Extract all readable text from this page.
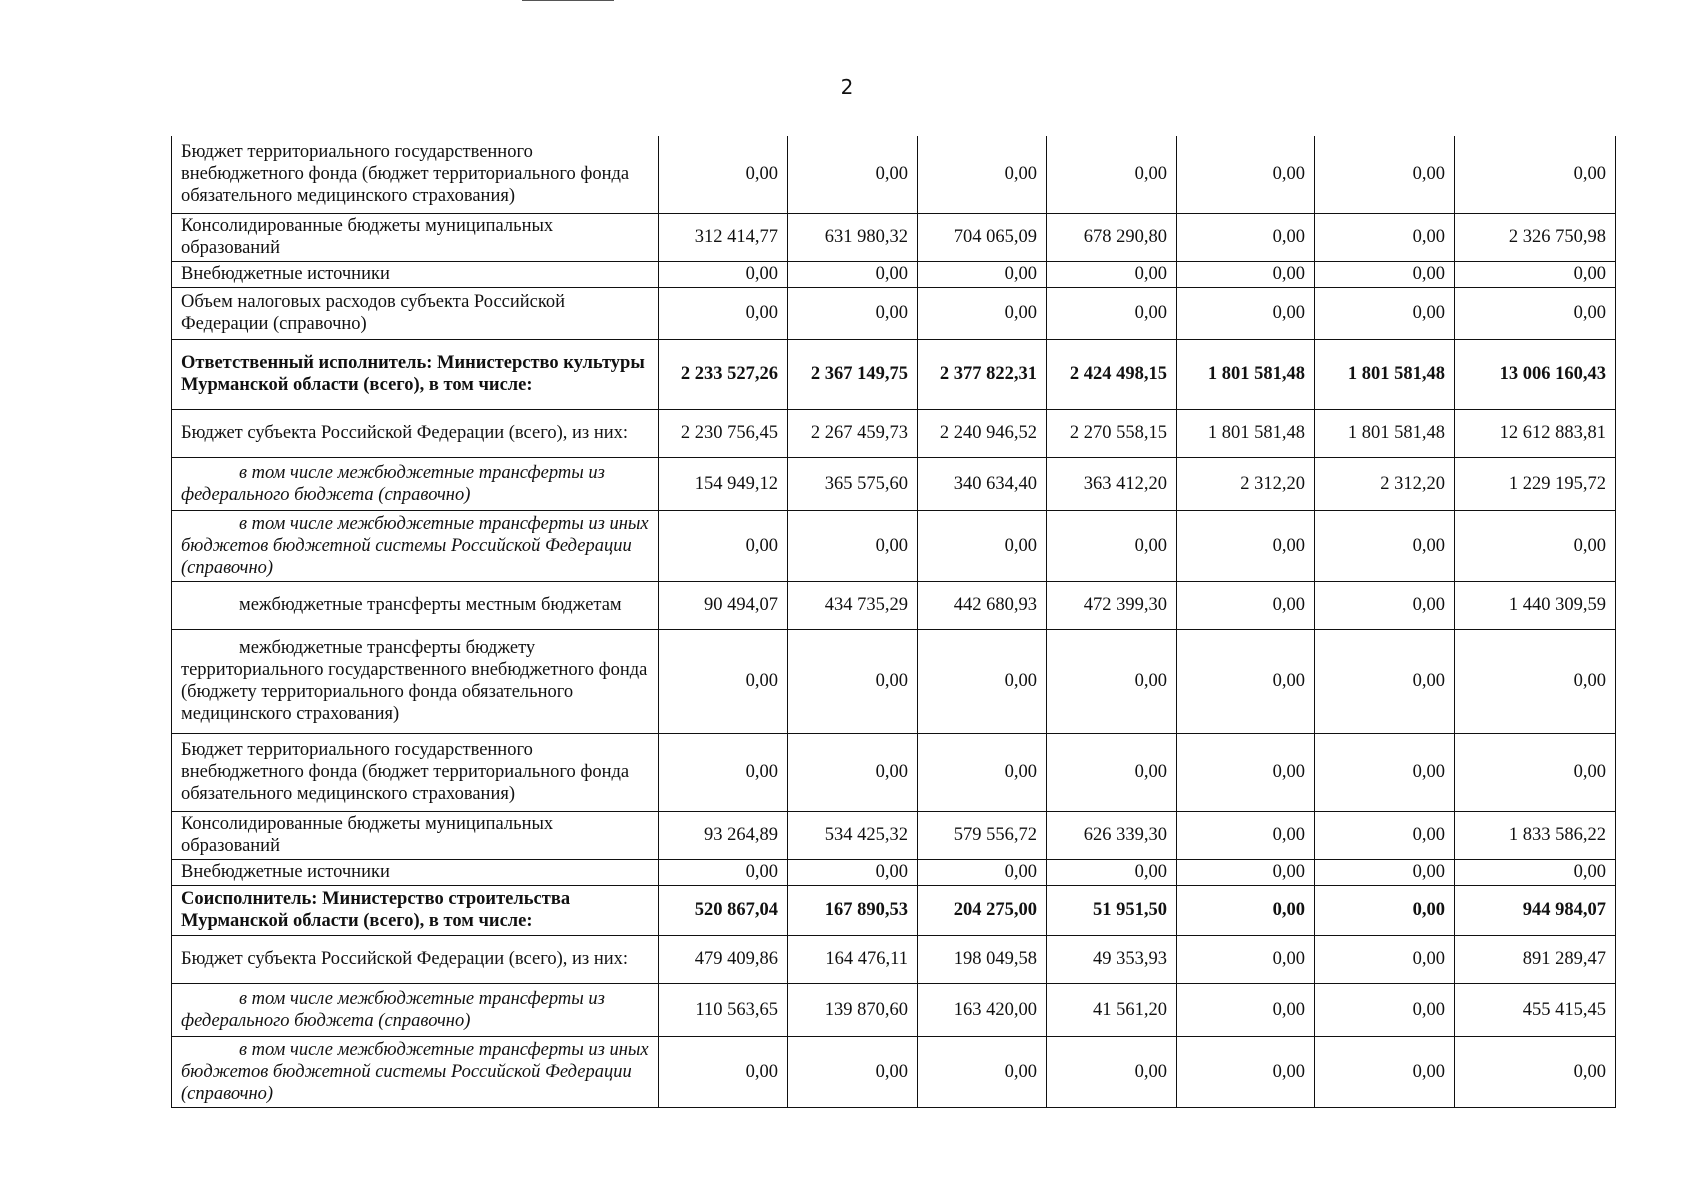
2
Бюджет территориального государственного внебюджетного фонда (бюджет территориального фонда обязательного медицинского страхования)	0,00	0,00	0,00	0,00	0,00	0,00	0,00
Консолидированные бюджеты муниципальных образований	312 414,77	631 980,32	704 065,09	678 290,80	0,00	0,00	2 326 750,98
Внебюджетные источники	0,00	0,00	0,00	0,00	0,00	0,00	0,00
Объем налоговых расходов субъекта Российской Федерации (справочно)	0,00	0,00	0,00	0,00	0,00	0,00	0,00
Ответственный исполнитель: Министерство культуры Мурманской области (всего), в том числе:	2 233 527,26	2 367 149,75	2 377 822,31	2 424 498,15	1 801 581,48	1 801 581,48	13 006 160,43
Бюджет субъекта Российской Федерации (всего), из них:	2 230 756,45	2 267 459,73	2 240 946,52	2 270 558,15	1 801 581,48	1 801 581,48	12 612 883,81
в том числе межбюджетные трансферты из федерального бюджета (справочно)	154 949,12	365 575,60	340 634,40	363 412,20	2 312,20	2 312,20	1 229 195,72
в том числе межбюджетные трансферты из иных бюджетов бюджетной системы Российской Федерации (справочно)	0,00	0,00	0,00	0,00	0,00	0,00	0,00
межбюджетные трансферты местным бюджетам	90 494,07	434 735,29	442 680,93	472 399,30	0,00	0,00	1 440 309,59
межбюджетные трансферты бюджету территориального государственного внебюджетного фонда (бюджету территориального фонда обязательного медицинского страхования)	0,00	0,00	0,00	0,00	0,00	0,00	0,00
Бюджет территориального государственного внебюджетного фонда (бюджет территориального фонда обязательного медицинского страхования)	0,00	0,00	0,00	0,00	0,00	0,00	0,00
Консолидированные бюджеты муниципальных образований	93 264,89	534 425,32	579 556,72	626 339,30	0,00	0,00	1 833 586,22
Внебюджетные источники	0,00	0,00	0,00	0,00	0,00	0,00	0,00
Соисполнитель: Министерство строительства Мурманской области (всего), в том числе:	520 867,04	167 890,53	204 275,00	51 951,50	0,00	0,00	944 984,07
Бюджет субъекта Российской Федерации (всего), из них:	479 409,86	164 476,11	198 049,58	49 353,93	0,00	0,00	891 289,47
в том числе межбюджетные трансферты из федерального бюджета (справочно)	110 563,65	139 870,60	163 420,00	41 561,20	0,00	0,00	455 415,45
в том числе межбюджетные трансферты из иных бюджетов бюджетной системы Российской Федерации (справочно)	0,00	0,00	0,00	0,00	0,00	0,00	0,00
